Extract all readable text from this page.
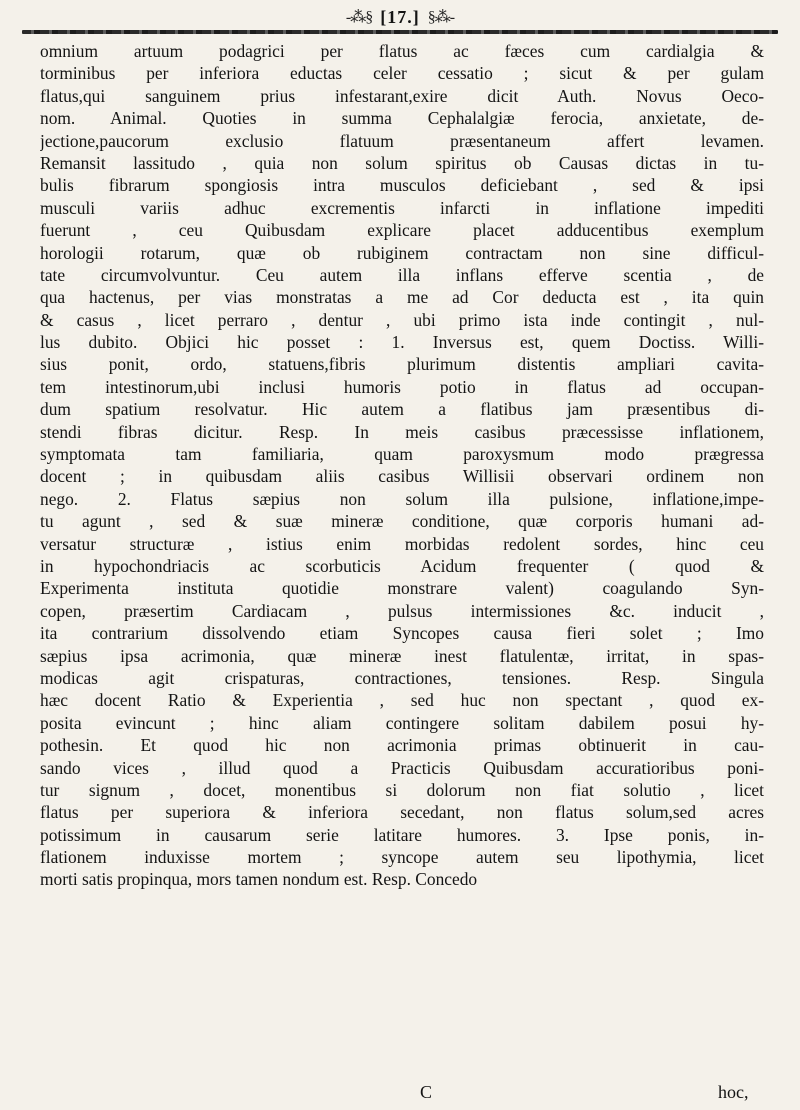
-⁂§ [17.] §⁂-
omnium artuum podagrici per flatus ac fæces cum cardialgia &
torminibus per inferiora eductas celer cessatio ; sicut & per gulam
flatus,qui sanguinem prius infestarant,exire dicit Auth. Novus Oeco-
nom. Animal. Quoties in summa Cephalalgiæ ferocia, anxietate, de-
jectione,paucorum exclusio flatuum præsentaneum affert levamen.
Remansit lassitudo , quia non solum spiritus ob Causas dictas in tu-
bulis fibrarum spongiosis intra musculos deficiebant , sed & ipsi
musculi variis adhuc excrementis infarcti in inflatione impediti
fuerunt , ceu Quibusdam explicare placet adducentibus exemplum
horologii rotarum, quæ ob rubiginem contractam non sine difficul-
tate circumvolvuntur. Ceu autem illa inflans efferve scentia , de
qua hactenus, per vias monstratas a me ad Cor deducta est , ita quin
& casus , licet perraro , dentur , ubi primo ista inde contingit , nul-
lus dubito. Objici hic posset : 1. Inversus est, quem Doctiss. Willi-
sius ponit, ordo, statuens,fibris plurimum distentis ampliari cavita-
tem intestinorum,ubi inclusi humoris potio in flatus ad occupan-
dum spatium resolvatur. Hic autem a flatibus jam præsentibus di-
stendi fibras dicitur. Resp. In meis casibus præcessisse inflationem,
symptomata tam familiaria, quam paroxysmum modo prægressa
docent ; in quibusdam aliis casibus Willisii observari ordinem non
nego. 2. Flatus sæpius non solum illa pulsione, inflatione,impe-
tu agunt , sed & suæ mineræ conditione, quæ corporis humani ad-
versatur structuræ , istius enim morbidas redolent sordes, hinc ceu
in hypochondriacis ac scorbuticis Acidum frequenter ( quod &
Experimenta instituta quotidie monstrare valent) coagulando Syn-
copen, præsertim Cardiacam , pulsus intermissiones &c. inducit ,
ita contrarium dissolvendo etiam Syncopes causa fieri solet ; Imo
sæpius ipsa acrimonia, quæ mineræ inest flatulentæ, irritat, in spas-
modicas agit crispaturas, contractiones, tensiones. Resp. Singula
hæc docent Ratio & Experientia , sed huc non spectant , quod ex-
posita evincunt ; hinc aliam contingere solitam dabilem posui hy-
pothesin. Et quod hic non acrimonia primas obtinuerit in cau-
sando vices , illud quod a Practicis Quibusdam accuratioribus poni-
tur signum , docet, monentibus si dolorum non fiat solutio , licet
flatus per superiora & inferiora secedant, non flatus solum,sed acres
potissimum in causarum serie latitare humores. 3. Ipse ponis, in-
flationem induxisse mortem ; syncope autem seu lipothymia, licet
morti satis propinqua, mors tamen nondum est. Resp. Concedo
C	hoc,
